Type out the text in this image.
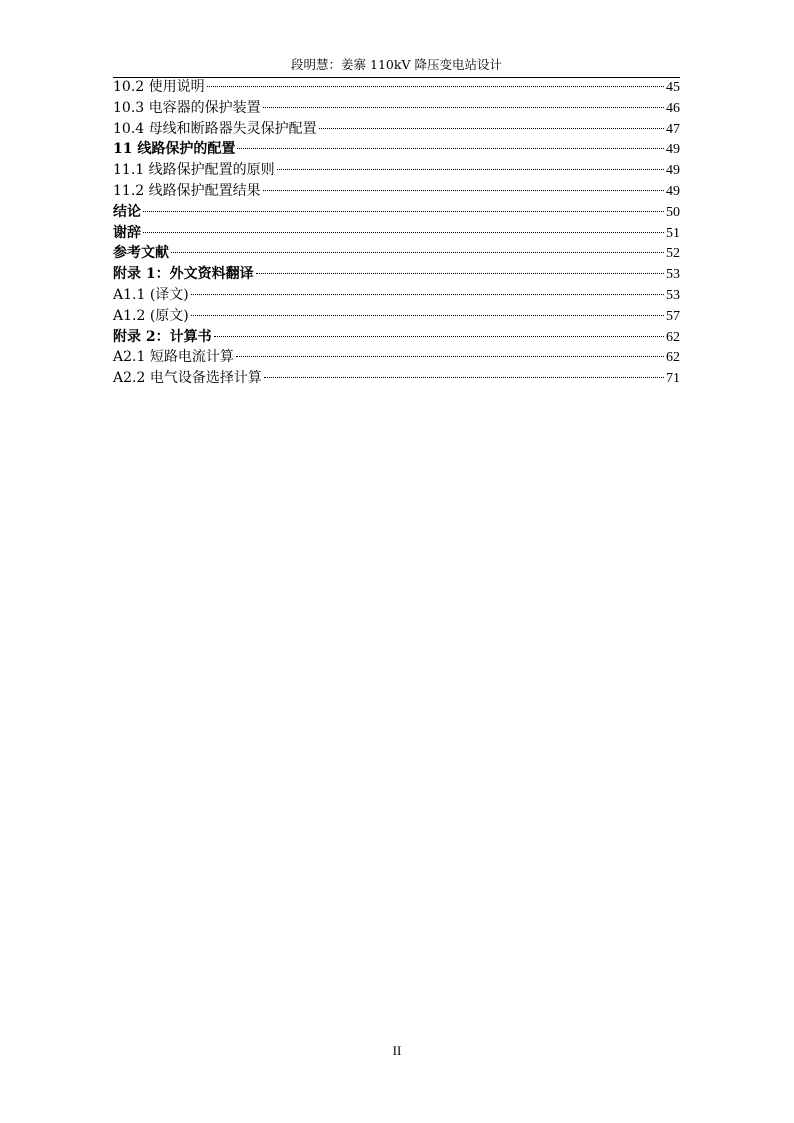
段明慧：姜寨 110kV 降压变电站设计
10.2 使用说明	45
10.3 电容器的保护装置	46
10.4 母线和断路器失灵保护配置	47
11 线路保护的配置	49
11.1 线路保护配置的原则	49
11.2 线路保护配置结果	49
结论	50
谢辞	51
参考文献	52
附录 1：外文资料翻译	53
A1.1 (译文)	53
A1.2 (原文)	57
附录 2：计算书	62
A2.1 短路电流计算	62
A2.2 电气设备选择计算	71
II
